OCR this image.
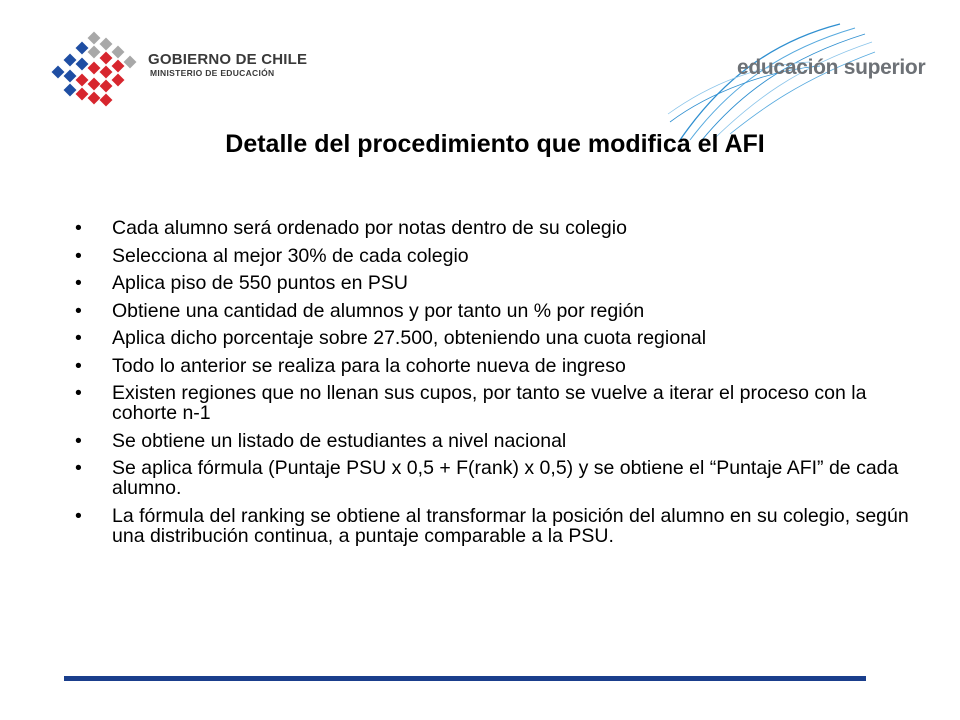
GOBIERNO DE CHILE
MINISTERIO DE EDUCACIÓN	educación superior
Detalle del procedimiento que modifica el AFI
• Cada alumno será ordenado por notas dentro de su colegio
• Selecciona al mejor 30% de cada colegio
• Aplica piso de 550 puntos en PSU
• Obtiene una cantidad de alumnos y por tanto un % por región
• Aplica dicho porcentaje sobre 27.500, obteniendo una cuota regional
• Todo lo anterior se realiza para la cohorte nueva de ingreso
• Existen regiones que no llenan sus cupos, por tanto se vuelve a iterar el proceso con la cohorte n-1
• Se obtiene un listado de estudiantes a nivel nacional
• Se aplica fórmula (Puntaje PSU x 0,5 + F(rank) x 0,5) y se obtiene el “Puntaje AFI” de cada alumno.
• La fórmula del ranking se obtiene al transformar la posición del alumno en su colegio, según una distribución continua, a puntaje comparable a la PSU.
